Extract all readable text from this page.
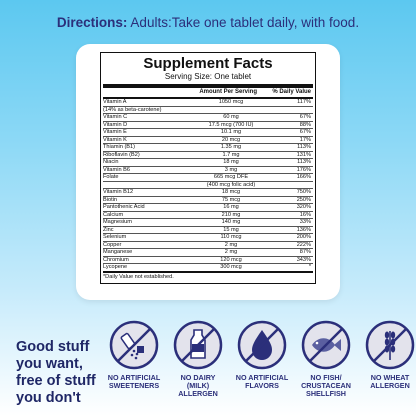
Directions: Adults:Take one tablet daily, with food.
Supplement Facts
Serving Size: One tablet
Amount Per Serving	% Daily Value
Vitamin A	1050 mcg	117%
(14% as beta-carotene)
Vitamin C	60 mg	67%
Vitamin D	17.5 mcg (700 IU)	88%
Vitamin E	10.1 mg	67%
Vitamin K	20 mcg	17%
Thiamin (B1)	1.35 mg	113%
Riboflavin (B2)	1.7 mg	131%
Niacin	18 mg	113%
Vitamin B6	3 mg	176%
Folate	665 mcg DFE	166%
(400 mcg folic acid)
Vitamin B12	18 mcg	750%
Biotin	75 mcg	250%
Pantothenic Acid	16 mg	320%
Calcium	210 mg	16%
Magnesium	140 mg	33%
Zinc	15 mg	136%
Selenium	110 mcg	200%
Copper	2 mg	222%
Manganese	2 mg	87%
Chromium	120 mcg	343%
Lycopene	300 mcg	*
*Daily Value not established.
Good stuff
you want,
free of stuff
you don't
NO ARTIFICIAL
SWEETENERS
NO DAIRY
(MILK)
ALLERGEN
NO ARTIFICIAL
FLAVORS
NO FISH/
CRUSTACEAN
SHELLFISH
NO WHEAT
ALLERGEN
